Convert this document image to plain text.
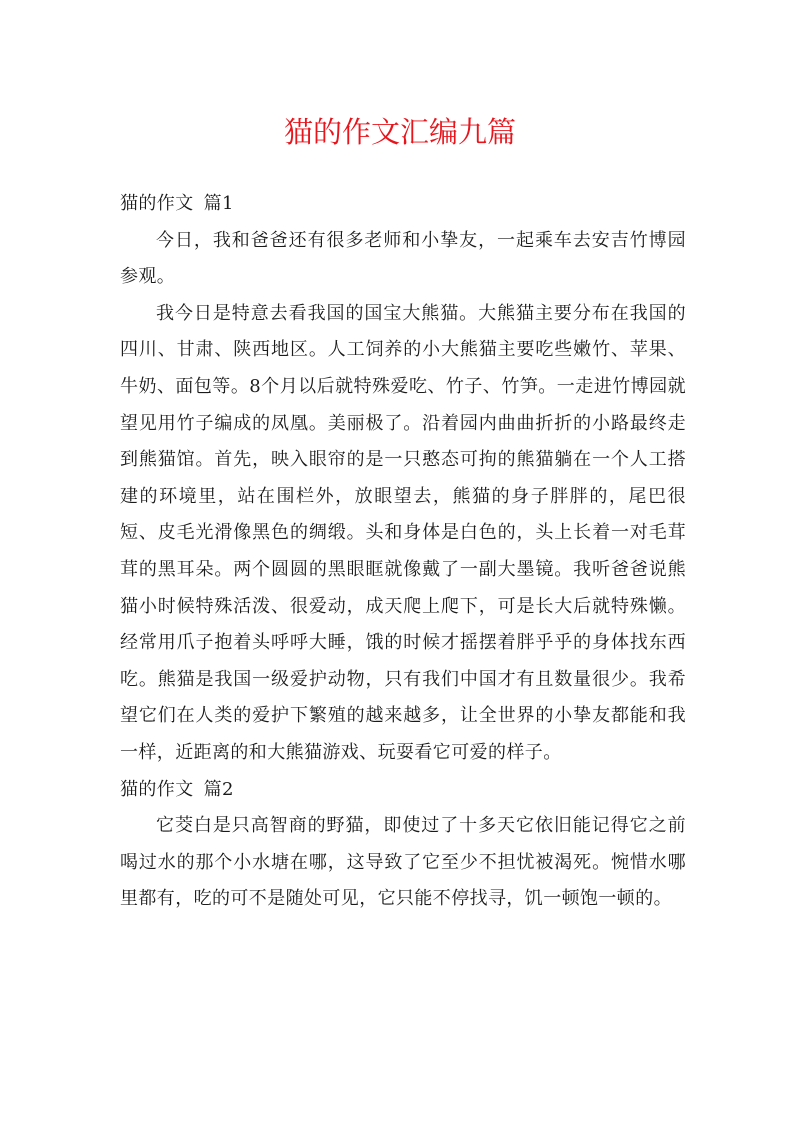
猫的作文汇编九篇
猫的作文 篇1

今日，我和爸爸还有很多老师和小挚友，一起乘车去安吉竹博园参观。

我今日是特意去看我国的国宝大熊猫。大熊猫主要分布在我国的四川、甘肃、陕西地区。人工饲养的小大熊猫主要吃些嫩竹、苹果、牛奶、面包等。8个月以后就特殊爱吃、竹子、竹笋。一走进竹博园就望见用竹子编成的凤凰。美丽极了。沿着园内曲曲折折的小路最终走到熊猫馆。首先，映入眼帘的是一只憨态可拘的熊猫躺在一个人工搭建的环境里，站在围栏外，放眼望去，熊猫的身子胖胖的，尾巴很短、皮毛光滑像黑色的绸缎。头和身体是白色的，头上长着一对毛茸茸的黑耳朵。两个圆圆的黑眼眶就像戴了一副大墨镜。我听爸爸说熊猫小时候特殊活泼、很爱动，成天爬上爬下，可是长大后就特殊懒。经常用爪子抱着头呼呼大睡，饿的时候才摇摆着胖乎乎的身体找东西吃。熊猫是我国一级爱护动物，只有我们中国才有且数量很少。我希望它们在人类的爱护下繁殖的越来越多，让全世界的小挚友都能和我一样，近距离的和大熊猫游戏、玩耍看它可爱的样子。

猫的作文 篇2

它茭白是只高智商的野猫，即使过了十多天它依旧能记得它之前喝过水的那个小水塘在哪，这导致了它至少不担忧被渴死。惋惜水哪里都有，吃的可不是随处可见，它只能不停找寻，饥一顿饱一顿的。
